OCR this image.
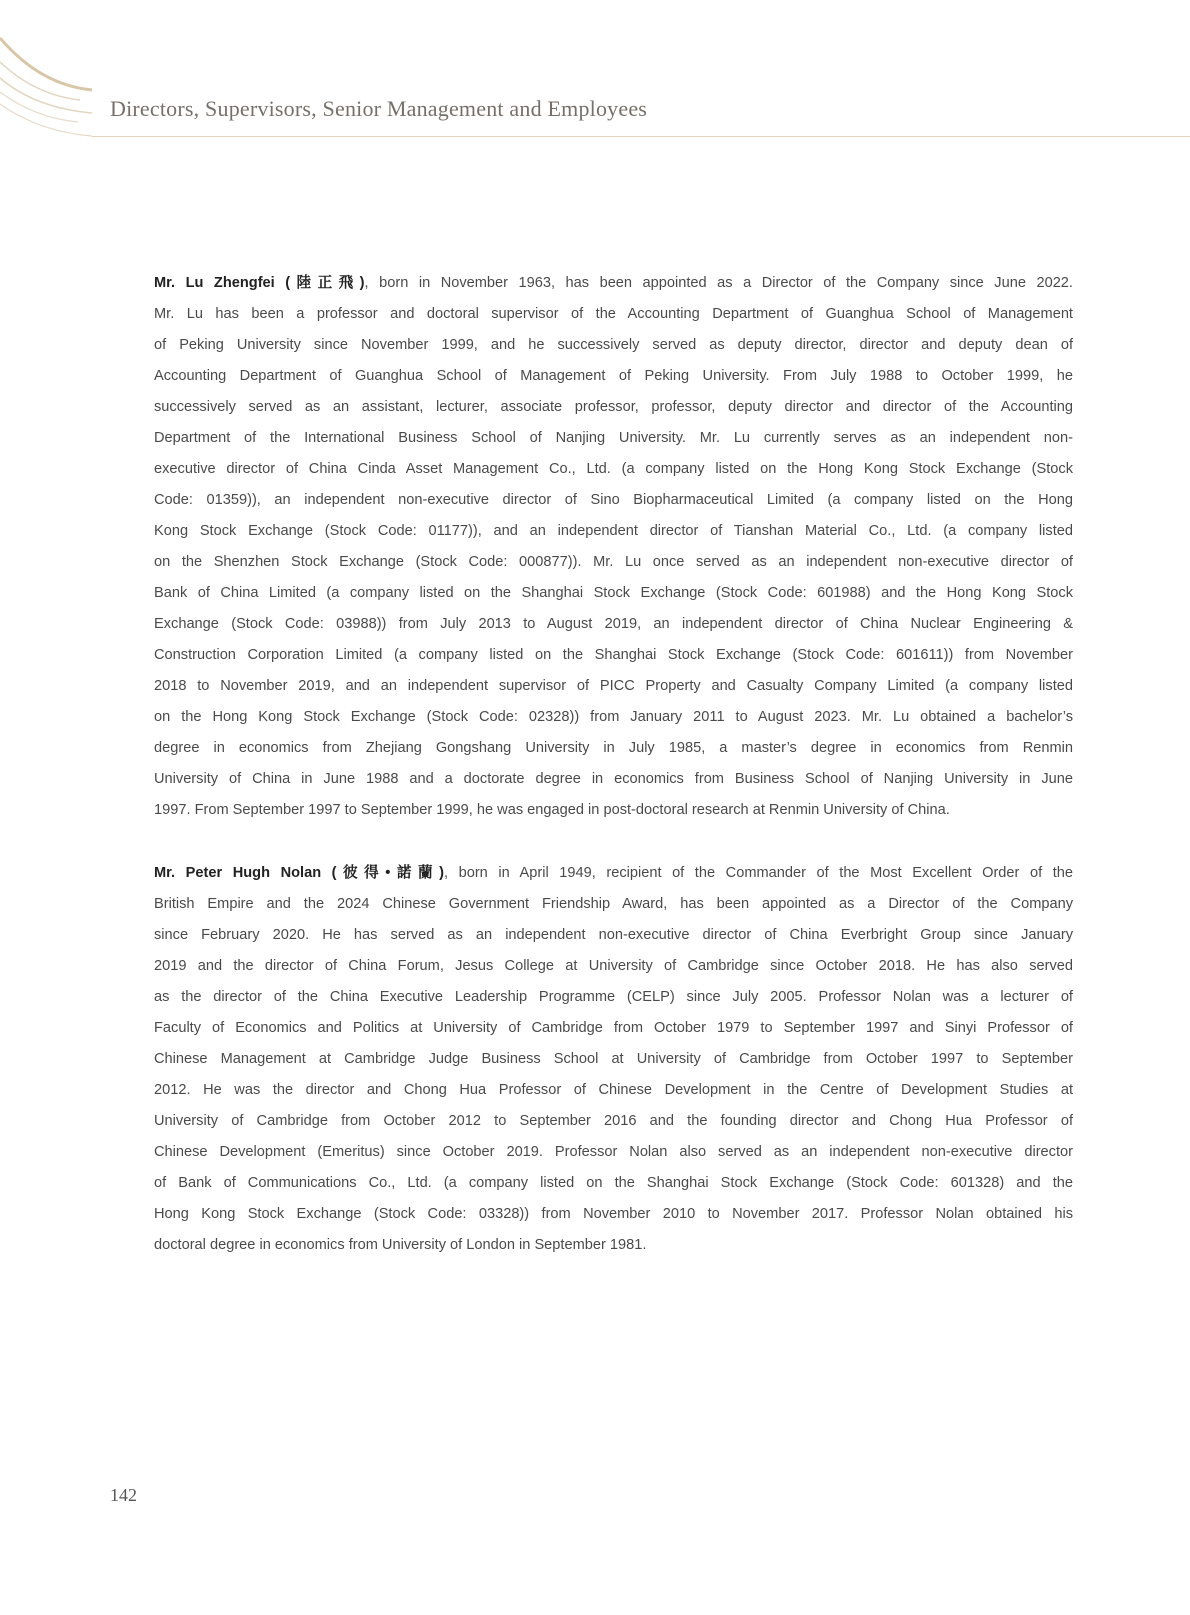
Directors, Supervisors, Senior Management and Employees
Mr. Lu Zhengfei (陸正飛), born in November 1963, has been appointed as a Director of the Company since June 2022.
Mr. Lu has been a professor and doctoral supervisor of the Accounting Department of Guanghua School of Management
of Peking University since November 1999, and he successively served as deputy director, director and deputy dean of
Accounting Department of Guanghua School of Management of Peking University. From July 1988 to October 1999, he
successively served as an assistant, lecturer, associate professor, professor, deputy director and director of the Accounting
Department of the International Business School of Nanjing University. Mr. Lu currently serves as an independent non-
executive director of China Cinda Asset Management Co., Ltd. (a company listed on the Hong Kong Stock Exchange (Stock
Code: 01359)), an independent non-executive director of Sino Biopharmaceutical Limited (a company listed on the Hong
Kong Stock Exchange (Stock Code: 01177)), and an independent director of Tianshan Material Co., Ltd. (a company listed
on the Shenzhen Stock Exchange (Stock Code: 000877)). Mr. Lu once served as an independent non-executive director of
Bank of China Limited (a company listed on the Shanghai Stock Exchange (Stock Code: 601988) and the Hong Kong Stock
Exchange (Stock Code: 03988)) from July 2013 to August 2019, an independent director of China Nuclear Engineering &
Construction Corporation Limited (a company listed on the Shanghai Stock Exchange (Stock Code: 601611)) from November
2018 to November 2019, and an independent supervisor of PICC Property and Casualty Company Limited (a company listed
on the Hong Kong Stock Exchange (Stock Code: 02328)) from January 2011 to August 2023. Mr. Lu obtained a bachelor’s
degree in economics from Zhejiang Gongshang University in July 1985, a master’s degree in economics from Renmin
University of China in June 1988 and a doctorate degree in economics from Business School of Nanjing University in June
1997. From September 1997 to September 1999, he was engaged in post-doctoral research at Renmin University of China.
Mr. Peter Hugh Nolan (彼得•諾蘭), born in April 1949, recipient of the Commander of the Most Excellent Order of the
British Empire and the 2024 Chinese Government Friendship Award, has been appointed as a Director of the Company
since February 2020. He has served as an independent non-executive director of China Everbright Group since January
2019 and the director of China Forum, Jesus College at University of Cambridge since October 2018. He has also served
as the director of the China Executive Leadership Programme (CELP) since July 2005. Professor Nolan was a lecturer of
Faculty of Economics and Politics at University of Cambridge from October 1979 to September 1997 and Sinyi Professor of
Chinese Management at Cambridge Judge Business School at University of Cambridge from October 1997 to September
2012. He was the director and Chong Hua Professor of Chinese Development in the Centre of Development Studies at
University of Cambridge from October 2012 to September 2016 and the founding director and Chong Hua Professor of
Chinese Development (Emeritus) since October 2019. Professor Nolan also served as an independent non-executive director
of Bank of Communications Co., Ltd. (a company listed on the Shanghai Stock Exchange (Stock Code: 601328) and the
Hong Kong Stock Exchange (Stock Code: 03328)) from November 2010 to November 2017. Professor Nolan obtained his
doctoral degree in economics from University of London in September 1981.
142
